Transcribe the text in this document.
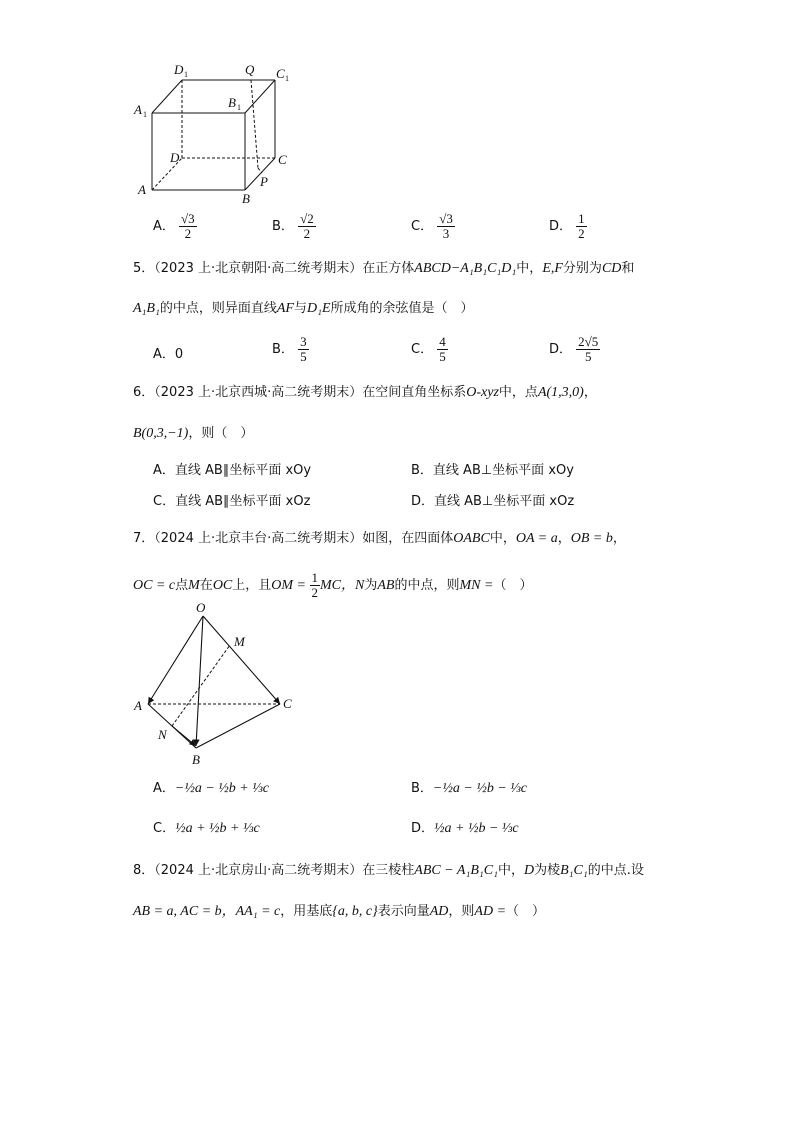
D 1	Q C 1
A 1
B 1
D	C
A
P
B
A． $\frac{√3}{2}$	B． $\frac{√2}{2}$	C． $\frac{√3}{3}$	D． $\frac{1}{2}$
5．（2023 上·北京朝阳·高二统考期末）在正方体ABCD−A₁B₁C₁D₁中，E,F分别为CD和
A₁B₁的中点，则异面直线AF与D₁E所成角的余弦值是（　）
A．0	B． $\frac{3}{5}$	C． $\frac{4}{5}$	D． $\frac{2√5}{5}$
6．（2023 上·北京西城·高二统考期末）在空间直角坐标系O-xyz中，点A(1,3,0)，
B(0,3,−1)，则（　）
A．直线 AB∥坐标平面 xOy	B．直线 AB⊥坐标平面 xOy
C．直线 AB∥坐标平面 xOz	D．直线 AB⊥坐标平面 xOz
7．（2024 上·北京丰台·高二统考期末）如图，在四面体OABC中，OA = a，OB = b，
OC = c点M在OC上，且OM = $\frac{1}{2}$ MC，N为AB的中点，则MN =（　）
O
M
A	C
N
B
A．−½a − ½b + ⅓c	B．−½a − ½b − ⅓c
C．½a + ½b + ⅓c	D．½a + ½b − ⅓c
8．（2024 上·北京房山·高二统考期末）在三棱柱ABC − A₁B₁C₁中，D为棱B₁C₁的中点.设
AB = a, AC = b，AA₁ = c，用基底{a, b, c}表示向量AD，则AD =（　）
